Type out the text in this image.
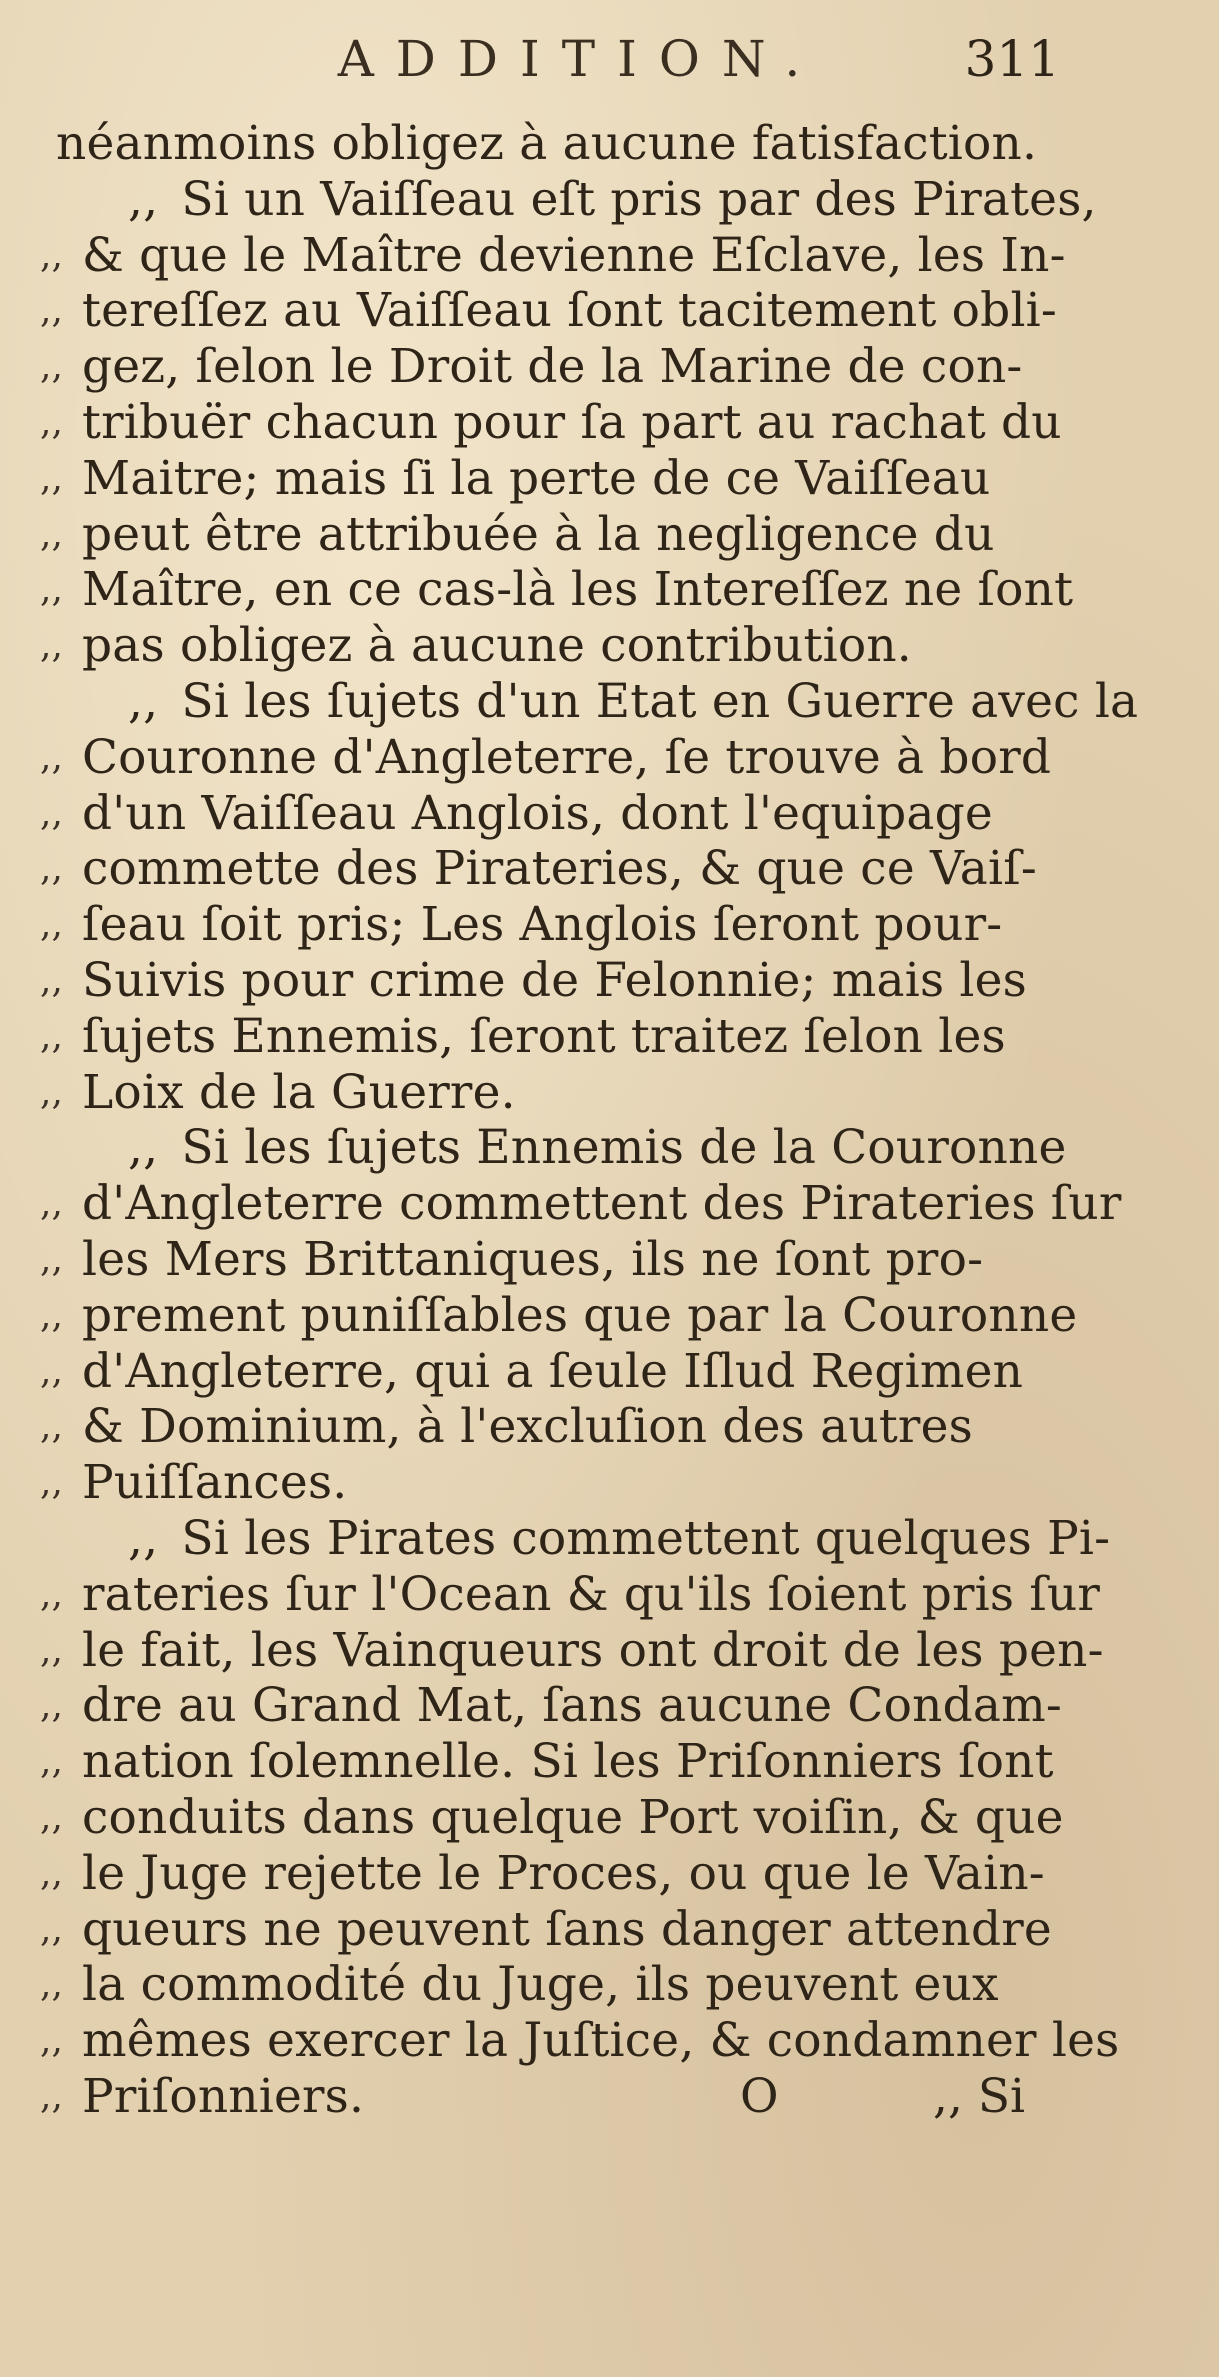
ADDITION.	311
néanmoins obligez à aucune fatisfaction.
,, Si un Vaiſſeau eſt pris par des Pirates,
,, & que le Maître devienne Eſclave, les In-
,, tereſſez au Vaiſſeau ſont tacitement obli-
,, gez, ſelon le Droit de la Marine de con-
,, tribuër chacun pour ſa part au rachat du
,, Maitre; mais ſi la perte de ce Vaiſſeau
,, peut être attribuée à la negligence du
,, Maître, en ce cas-là les Intereſſez ne ſont
,, pas obligez à aucune contribution.
,, Si les ſujets d'un Etat en Guerre avec la
,, Couronne d'Angleterre, ſe trouve à bord
,, d'un Vaiſſeau Anglois, dont l'equipage
,, commette des Pirateries, & que ce Vaiſ-
,, ſeau ſoit pris; Les Anglois ſeront pour-
,, Suivis pour crime de Felonnie; mais les
,, ſujets Ennemis, ſeront traitez ſelon les
,, Loix de la Guerre.
,, Si les ſujets Ennemis de la Couronne
,, d'Angleterre commettent des Pirateries ſur
,, les Mers Brittaniques, ils ne ſont pro-
,, prement puniſſables que par la Couronne
,, d'Angleterre, qui a ſeule Iſlud Regimen
,, & Dominium, à l'excluſion des autres
,, Puiſſances.
,, Si les Pirates commettent quelques Pi-
,, rateries ſur l'Ocean & qu'ils ſoient pris ſur
,, le fait, les Vainqueurs ont droit de les pen-
,, dre au Grand Mat, ſans aucune Condam-
,, nation ſolemnelle. Si les Priſonniers ſont
,, conduits dans quelque Port voiſin, & que
,, le Juge rejette le Proces, ou que le Vain-
,, queurs ne peuvent ſans danger attendre
,, la commodité du Juge, ils peuvent eux
,, mêmes exercer la Juſtice, & condamner les
,, Priſonniers.	O	,, Si
